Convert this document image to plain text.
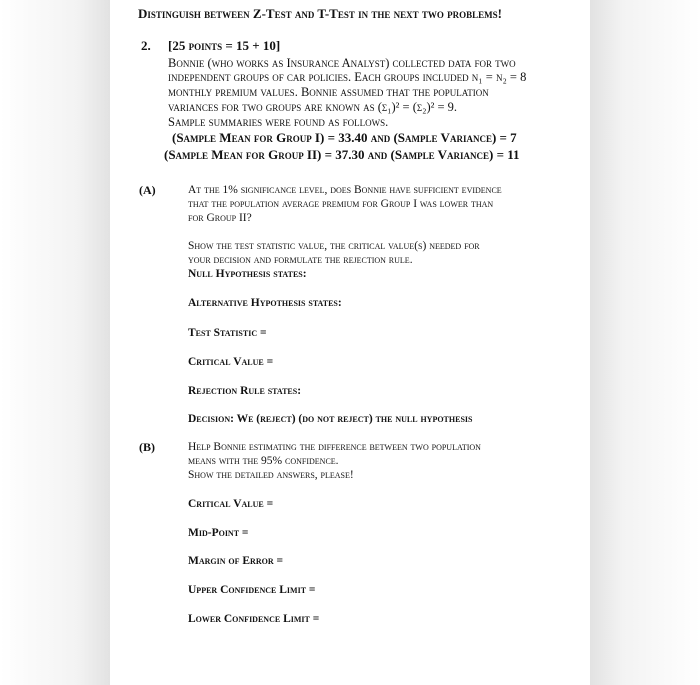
Distinguish between Z-Test and T-Test in the next two problems!
2. [25 points = 15 + 10]
Bonnie (who works as Insurance Analyst) collected data for two
independent groups of car policies. Each groups included n₁ = n₂ = 8
monthly premium values. Bonnie assumed that the population
variances for two groups are known as (σ₁)² = (σ₂)² = 9.
Sample summaries were found as follows.
(Sample Mean for Group I) = 33.40 and (Sample Variance) = 7
(Sample Mean for Group II) = 37.30 and (Sample Variance) = 11
(A)	At the 1% significance level, does Bonnie have sufficient evidence
that the population average premium for Group I was lower than
for Group II?
Show the test statistic value, the critical value(s) needed for
your decision and formulate the rejection rule.
Null Hypothesis states:
Alternative Hypothesis states:
Test Statistic =
Critical Value =
Rejection Rule states:
Decision: We (reject) (do not reject) the null hypothesis
(B)	Help Bonnie estimating the difference between two population
means with the 95% confidence.
Show the detailed answers, please!
Critical Value =
Mid-Point =
Margin of Error =
Upper Confidence Limit =
Lower Confidence Limit =
